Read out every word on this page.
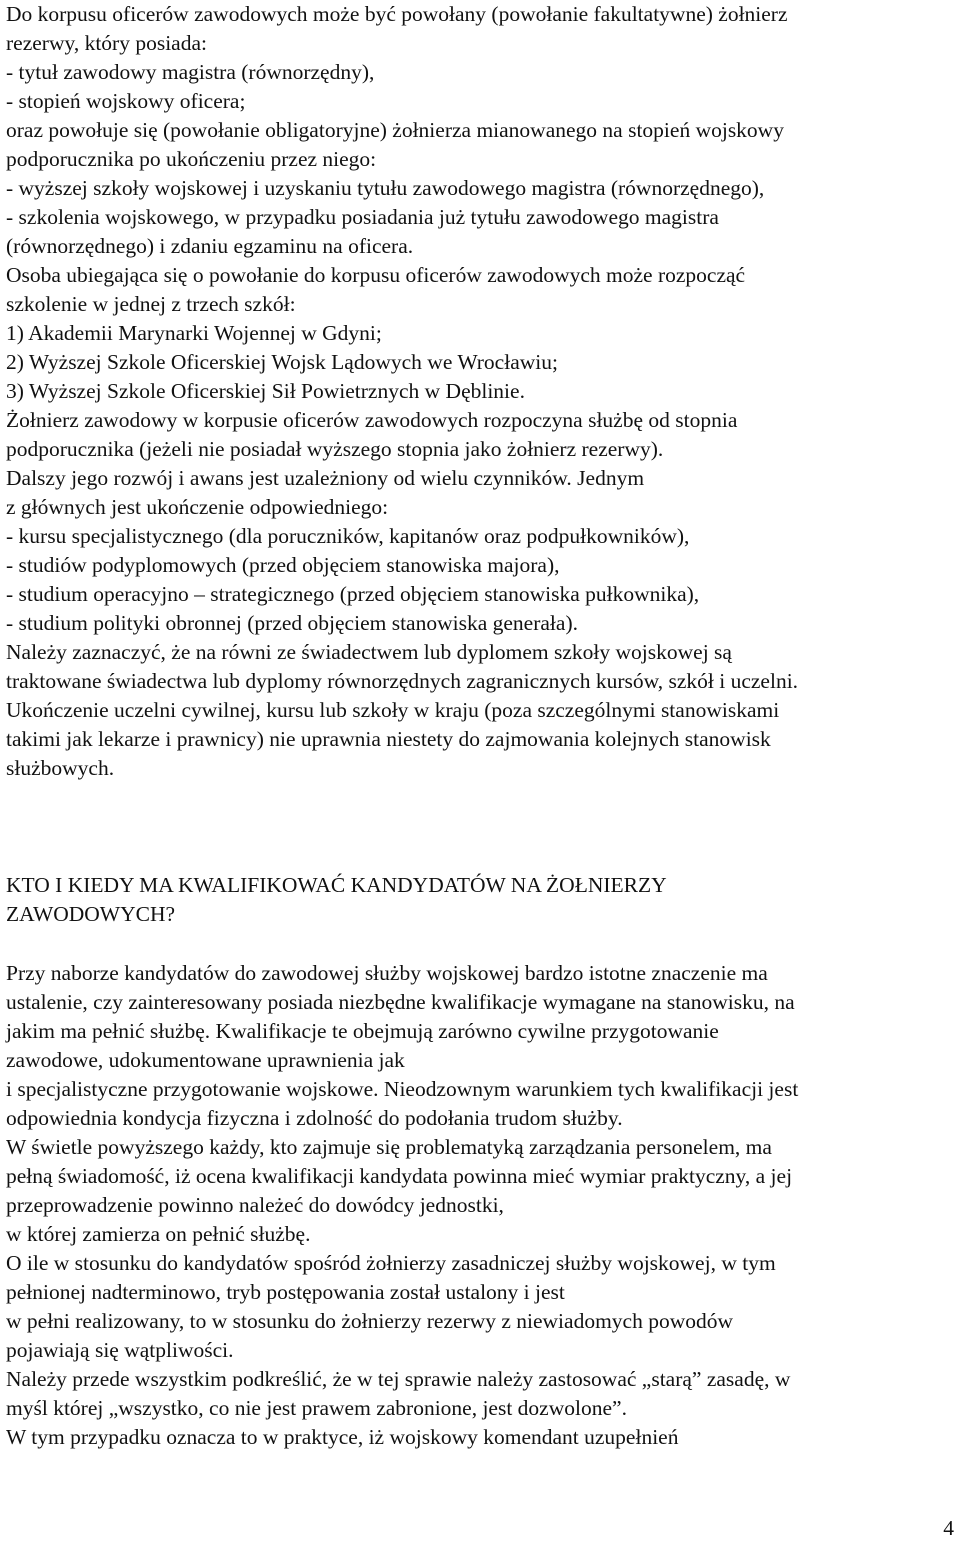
Do korpusu oficerów zawodowych może być powołany (powołanie fakultatywne) żołnierz

rezerwy, który posiada:

- tytuł zawodowy magistra (równorzędny),

- stopień wojskowy oficera;

oraz powołuje się (powołanie obligatoryjne) żołnierza mianowanego na stopień wojskowy

podporucznika po ukończeniu przez niego:

- wyższej szkoły wojskowej i uzyskaniu tytułu zawodowego magistra (równorzędnego),

- szkolenia wojskowego, w przypadku posiadania już tytułu zawodowego magistra

(równorzędnego) i zdaniu egzaminu na oficera.

Osoba ubiegająca się o powołanie do korpusu oficerów zawodowych może rozpocząć

szkolenie w jednej z trzech szkół:

1) Akademii Marynarki Wojennej w Gdyni;

2) Wyższej Szkole Oficerskiej Wojsk Lądowych we Wrocławiu;

3) Wyższej Szkole Oficerskiej Sił Powietrznych w Dęblinie.

Żołnierz zawodowy w korpusie oficerów zawodowych rozpoczyna służbę od stopnia

podporucznika (jeżeli nie posiadał wyższego stopnia jako żołnierz rezerwy).

Dalszy jego rozwój i awans jest uzależniony od wielu czynników. Jednym

z głównych jest ukończenie odpowiedniego:

- kursu specjalistycznego (dla poruczników, kapitanów oraz podpułkowników),

- studiów podyplomowych (przed objęciem stanowiska majora),

- studium operacyjno – strategicznego (przed objęciem stanowiska pułkownika),

- studium polityki obronnej (przed objęciem stanowiska generała).

Należy zaznaczyć, że na równi ze świadectwem lub dyplomem szkoły wojskowej są

traktowane świadectwa lub dyplomy równorzędnych zagranicznych kursów, szkół i uczelni.

Ukończenie uczelni cywilnej, kursu lub szkoły w kraju (poza szczególnymi stanowiskami

takimi jak lekarze i prawnicy) nie uprawnia niestety do zajmowania kolejnych stanowisk

służbowych.

KTO I KIEDY MA KWALIFIKOWAĆ KANDYDATÓW NA ŻOŁNIERZY
ZAWODOWYCH?

Przy naborze kandydatów do zawodowej służby wojskowej bardzo istotne znaczenie ma

ustalenie, czy zainteresowany posiada niezbędne kwalifikacje wymagane na stanowisku, na

jakim ma pełnić służbę. Kwalifikacje te obejmują zarówno cywilne przygotowanie

zawodowe, udokumentowane uprawnienia jak

i specjalistyczne przygotowanie wojskowe. Nieodzownym warunkiem tych kwalifikacji jest

odpowiednia kondycja fizyczna i zdolność do podołania trudom służby.

W świetle powyższego każdy, kto zajmuje się problematyką zarządzania personelem, ma

pełną świadomość, iż ocena kwalifikacji kandydata powinna mieć wymiar praktyczny, a jej

przeprowadzenie powinno należeć do dowódcy jednostki,

w której zamierza on pełnić służbę.

O ile w stosunku do kandydatów spośród żołnierzy zasadniczej służby wojskowej, w tym

pełnionej nadterminowo, tryb postępowania został ustalony i jest

w pełni realizowany, to w stosunku do żołnierzy rezerwy z niewiadomych powodów

pojawiają się wątpliwości.

Należy przede wszystkim podkreślić, że w tej sprawie należy zastosować „starą” zasadę, w

myśl której „wszystko, co nie jest prawem zabronione, jest dozwolone”.

W tym przypadku oznacza to w praktyce, iż wojskowy komendant uzupełnień

4
